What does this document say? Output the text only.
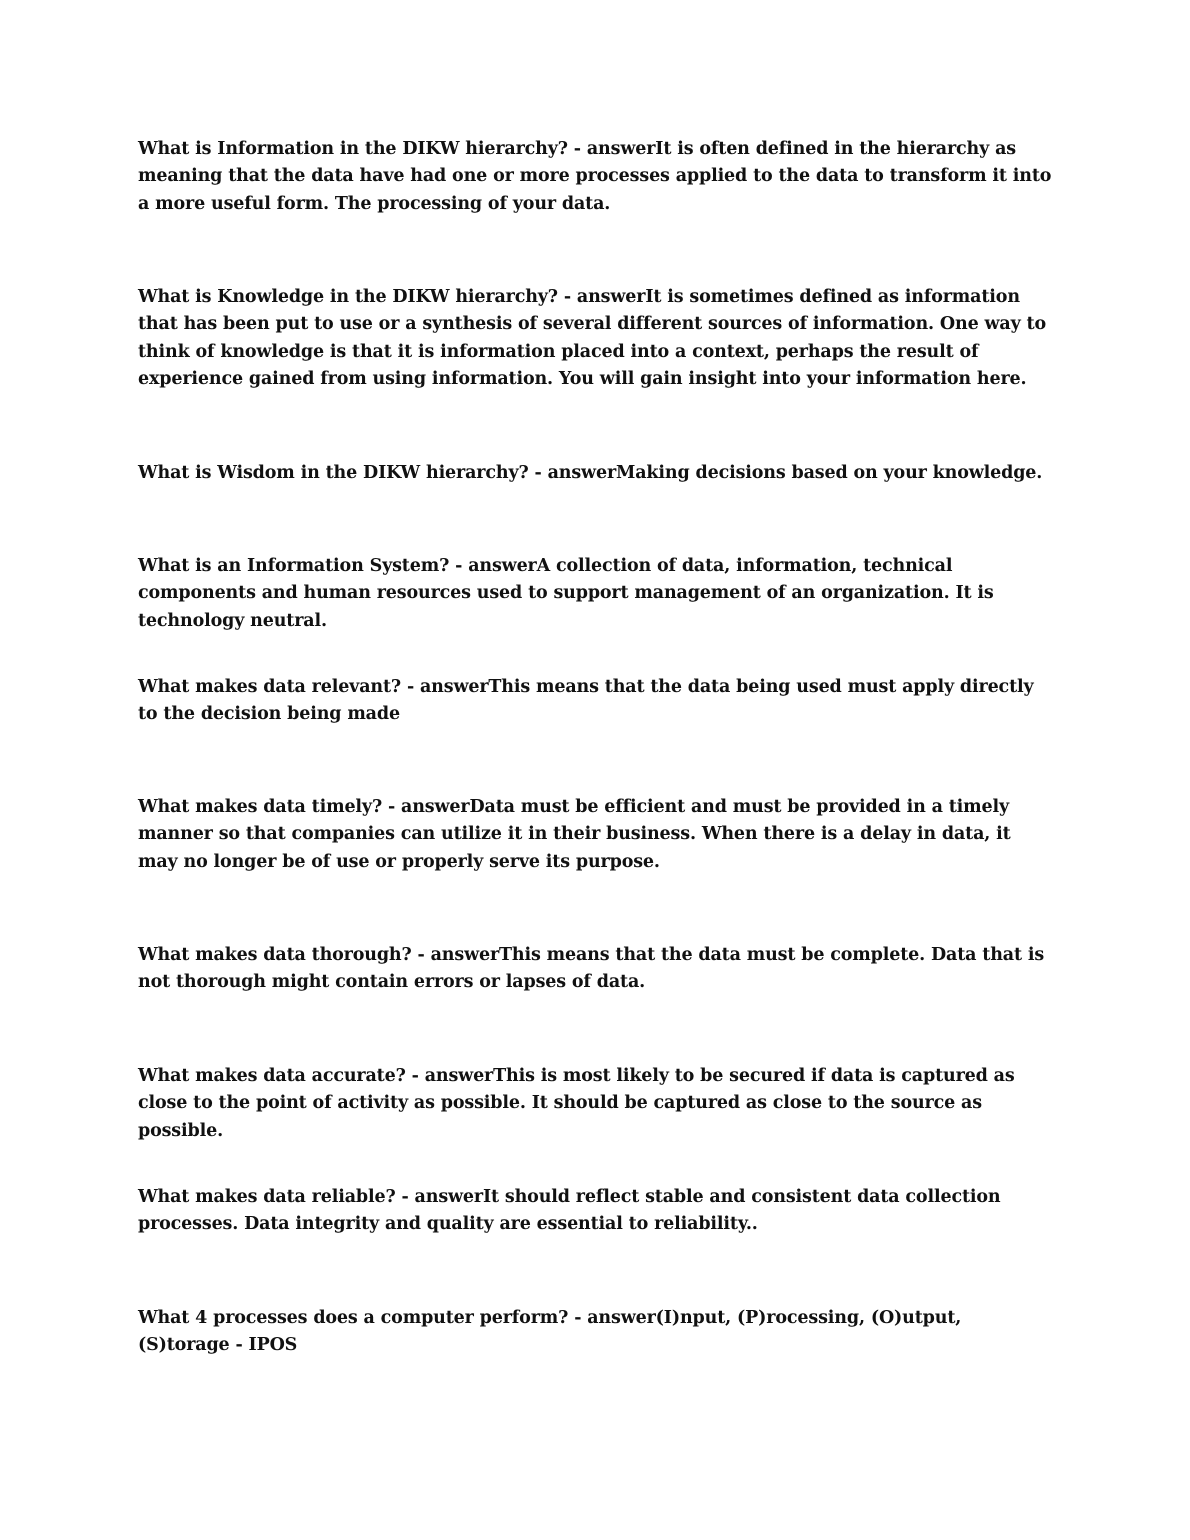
What is Information in the DIKW hierarchy? - answerIt is often defined in the hierarchy as meaning that the data have had one or more processes applied to the data to transform it into a more useful form. The processing of your data.

What is Knowledge in the DIKW hierarchy? - answerIt is sometimes defined as information that has been put to use or a synthesis of several different sources of information. One way to think of knowledge is that it is information placed into a context, perhaps the result of experience gained from using information. You will gain insight into your information here.

What is Wisdom in the DIKW hierarchy? - answerMaking decisions based on your knowledge.

What is an Information System? - answerA collection of data, information, technical components and human resources used to support management of an organization. It is technology neutral.

What makes data relevant? - answerThis means that the data being used must apply directly to the decision being made

What makes data timely? - answerData must be efficient and must be provided in a timely manner so that companies can utilize it in their business. When there is a delay in data, it may no longer be of use or properly serve its purpose.

What makes data thorough? - answerThis means that the data must be complete. Data that is not thorough might contain errors or lapses of data.

What makes data accurate? - answerThis is most likely to be secured if data is captured as close to the point of activity as possible. It should be captured as close to the source as possible.

What makes data reliable? - answerIt should reflect stable and consistent data collection processes. Data integrity and quality are essential to reliability..

What 4 processes does a computer perform? - answer(I)nput, (P)rocessing, (O)utput, (S)torage - IPOS
